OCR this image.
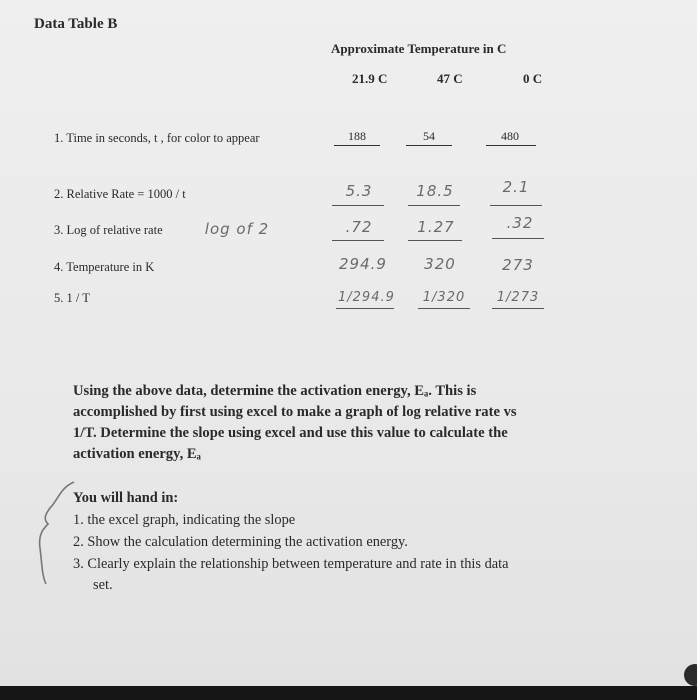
Data Table B
Approximate Temperature in C
21.9 C	47 C	0 C
1. Time in seconds, t , for color to appear	188	54	480
2. Relative Rate = 1000 / t	5.3	18.5	2.1
3. Log of relative rate	log of 2	.72	1.27	.32
4. Temperature in K	294.9	320	273
5. 1 / T	1/294.9 1/320 1/273
Using the above data, determine the activation energy, Eₐ. This is
accomplished by first using excel to make a graph of log relative rate vs
1/T. Determine the slope using excel and use this value to calculate the
activation energy, Eₐ
You will hand in:
1. the excel graph, indicating the slope
2. Show the calculation determining the activation energy.
3. Clearly explain the relationship between temperature and rate in this data
set.
